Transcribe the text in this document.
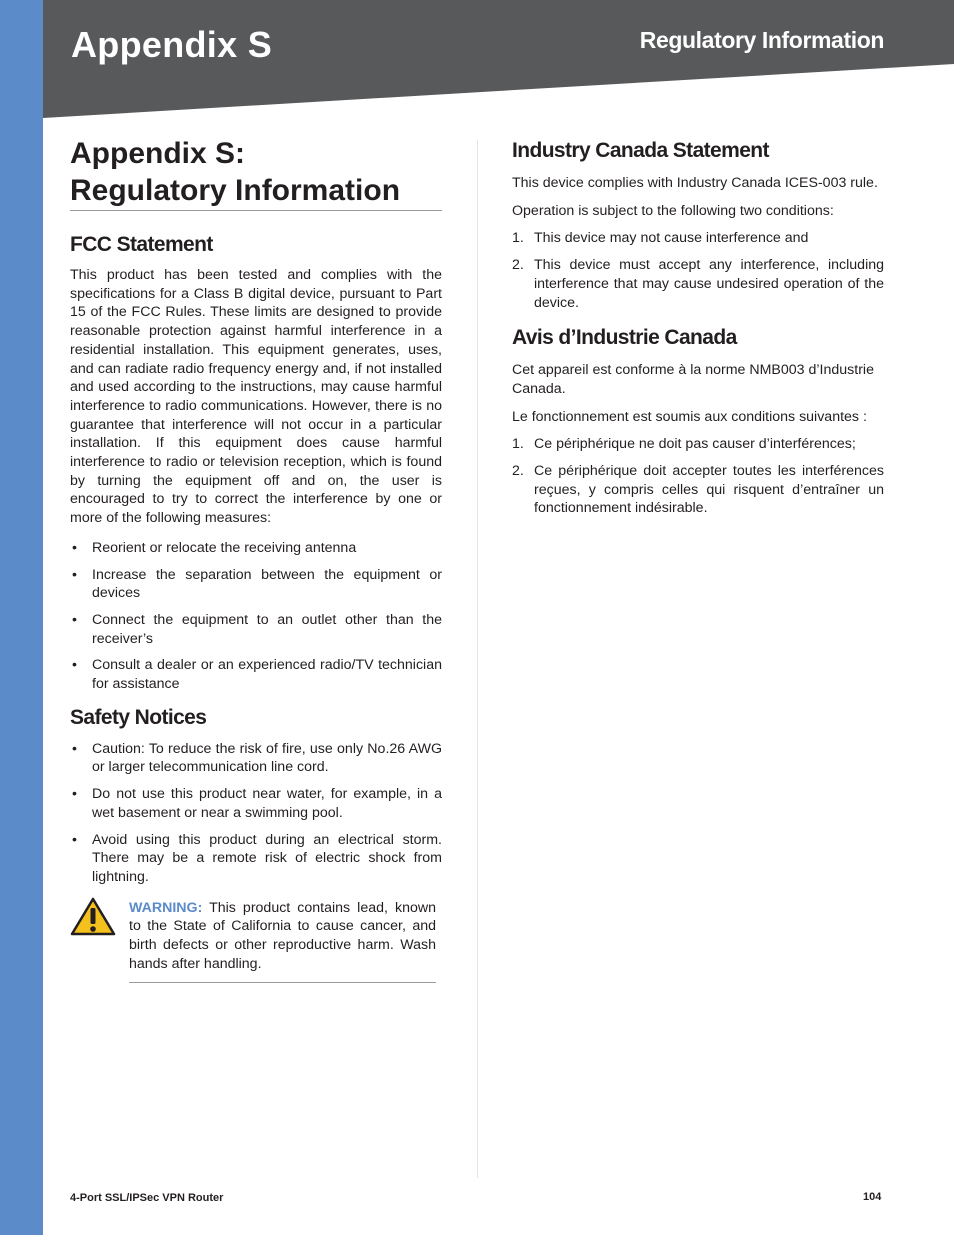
Appendix S	Regulatory Information
Appendix S:
Regulatory Information
FCC Statement

This product has been tested and complies with the specifications for a Class B digital device, pursuant to Part 15 of the FCC Rules. These limits are designed to provide reasonable protection against harmful interference in a residential installation. This equipment generates, uses, and can radiate radio frequency energy and, if not installed and used according to the instructions, may cause harmful interference to radio communications. However, there is no guarantee that interference will not occur in a particular installation. If this equipment does cause harmful interference to radio or television reception, which is found by turning the equipment off and on, the user is encouraged to try to correct the interference by one or more of the following measures:

• Reorient or relocate the receiving antenna
• Increase the separation between the equipment or devices
• Connect the equipment to an outlet other than the receiver’s
• Consult a dealer or an experienced radio/TV technician for assistance
Safety Notices
• Caution: To reduce the risk of fire, use only No.26 AWG or larger telecommunication line cord.
• Do not use this product near water, for example, in a wet basement or near a swimming pool.
• Avoid using this product during an electrical storm. There may be a remote risk of electric shock from lightning.

WARNING: This product contains lead, known to the State of California to cause cancer, and birth defects or other reproductive harm. Wash hands after handling.

Industry Canada Statement

This device complies with Industry Canada ICES-003 rule.

Operation is subject to the following two conditions:

1. This device may not cause interference and
2. This device must accept any interference, including interference that may cause undesired operation of the device.
Avis d’Industrie Canada

Cet appareil est conforme à la norme NMB003 d’Industrie Canada.

Le fonctionnement est soumis aux conditions suivantes :

1. Ce périphérique ne doit pas causer d’interférences;
2. Ce périphérique doit accepter toutes les interférences reçues, y compris celles qui risquent d’entraîner un fonctionnement indésirable.
4-Port SSL/IPSec VPN Router	104
